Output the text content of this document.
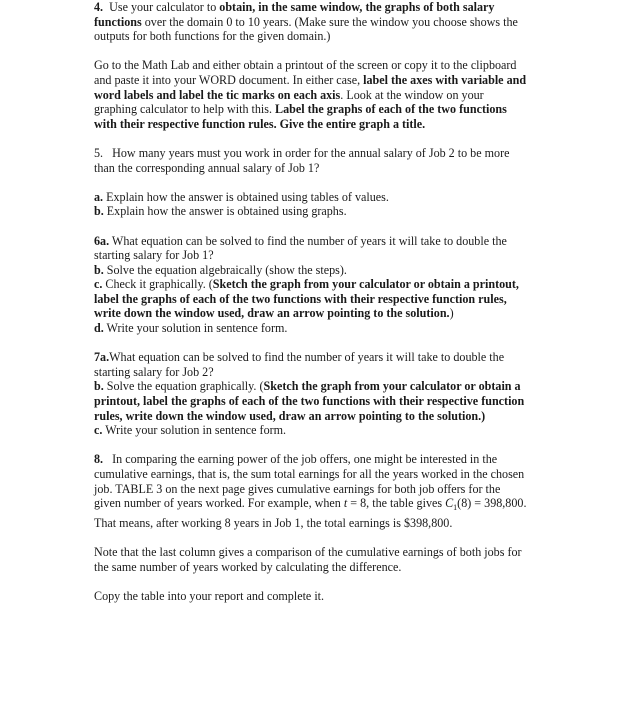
4. Use your calculator to obtain, in the same window, the graphs of both salary
functions over the domain 0 to 10 years. (Make sure the window you choose shows the
outputs for both functions for the given domain.)
Go to the Math Lab and either obtain a printout of the screen or copy it to the clipboard
and paste it into your WORD document. In either case, label the axes with variable and
word labels and label the tic marks on each axis. Look at the window on your
graphing calculator to help with this. Label the graphs of each of the two functions
with their respective function rules. Give the entire graph a title.
5. How many years must you work in order for the annual salary of Job 2 to be more
than the corresponding annual salary of Job 1?
a. Explain how the answer is obtained using tables of values.
b. Explain how the answer is obtained using graphs.
6a. What equation can be solved to find the number of years it will take to double the
starting salary for Job 1?
b. Solve the equation algebraically (show the steps).
c. Check it graphically. (Sketch the graph from your calculator or obtain a printout,
label the graphs of each of the two functions with their respective function rules,
write down the window used, draw an arrow pointing to the solution.)
d. Write your solution in sentence form.
7a.What equation can be solved to find the number of years it will take to double the
starting salary for Job 2?
b. Solve the equation graphically. (Sketch the graph from your calculator or obtain a
printout, label the graphs of each of the two functions with their respective function
rules, write down the window used, draw an arrow pointing to the solution.)
c. Write your solution in sentence form.
8. In comparing the earning power of the job offers, one might be interested in the
cumulative earnings, that is, the sum total earnings for all the years worked in the chosen
job. TABLE 3 on the next page gives cumulative earnings for both job offers for the
given number of years worked. For example, when t = 8, the table gives $C_1(8) = 398,800$.
That means, after working 8 years in Job 1, the total earnings is $398,800.
Note that the last column gives a comparison of the cumulative earnings of both jobs for
the same number of years worked by calculating the difference.
Copy the table into your report and complete it.
